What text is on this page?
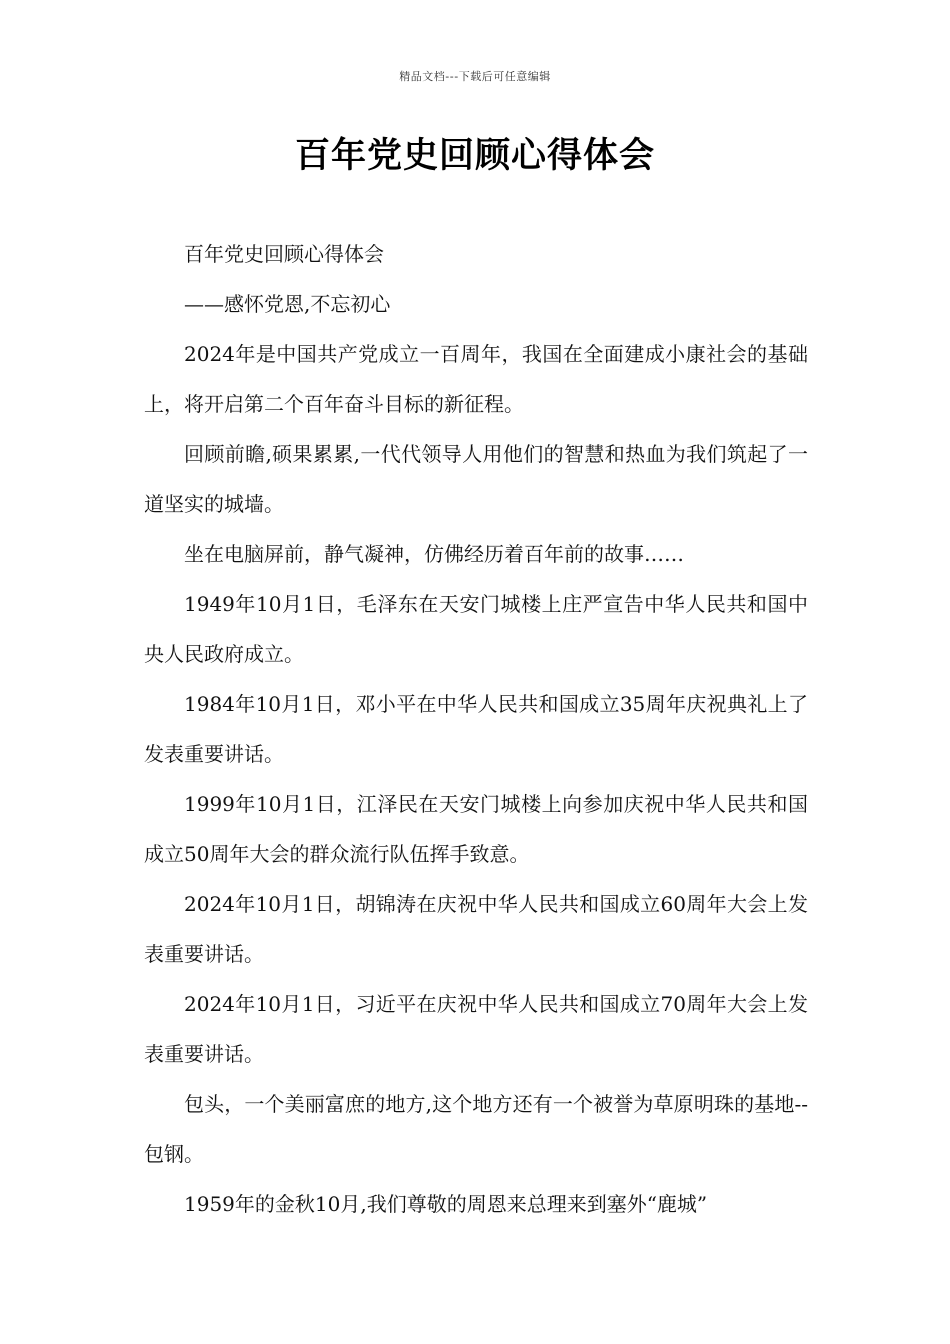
精品文档---下载后可任意编辑
百年党史回顾心得体会

百年党史回顾心得体会

——感怀党恩,不忘初心

2024年是中国共产党成立一百周年，我国在全面建成小康社会的基础上，将开启第二个百年奋斗目标的新征程。

回顾前瞻,硕果累累,一代代领导人用他们的智慧和热血为我们筑起了一道坚实的城墙。

坐在电脑屏前，静气凝神，仿佛经历着百年前的故事……

1949年10月1日，毛泽东在天安门城楼上庄严宣告中华人民共和国中央人民政府成立。

1984年10月1日，邓小平在中华人民共和国成立35周年庆祝典礼上了发表重要讲话。

1999年10月1日，江泽民在天安门城楼上向参加庆祝中华人民共和国成立50周年大会的群众流行队伍挥手致意。

2024年10月1日，胡锦涛在庆祝中华人民共和国成立60周年大会上发表重要讲话。

2024年10月1日，习近平在庆祝中华人民共和国成立70周年大会上发表重要讲话。

包头，一个美丽富庶的地方,这个地方还有一个被誉为草原明珠的基地--包钢。

1959年的金秋10月,我们尊敬的周恩来总理来到塞外“鹿城”
